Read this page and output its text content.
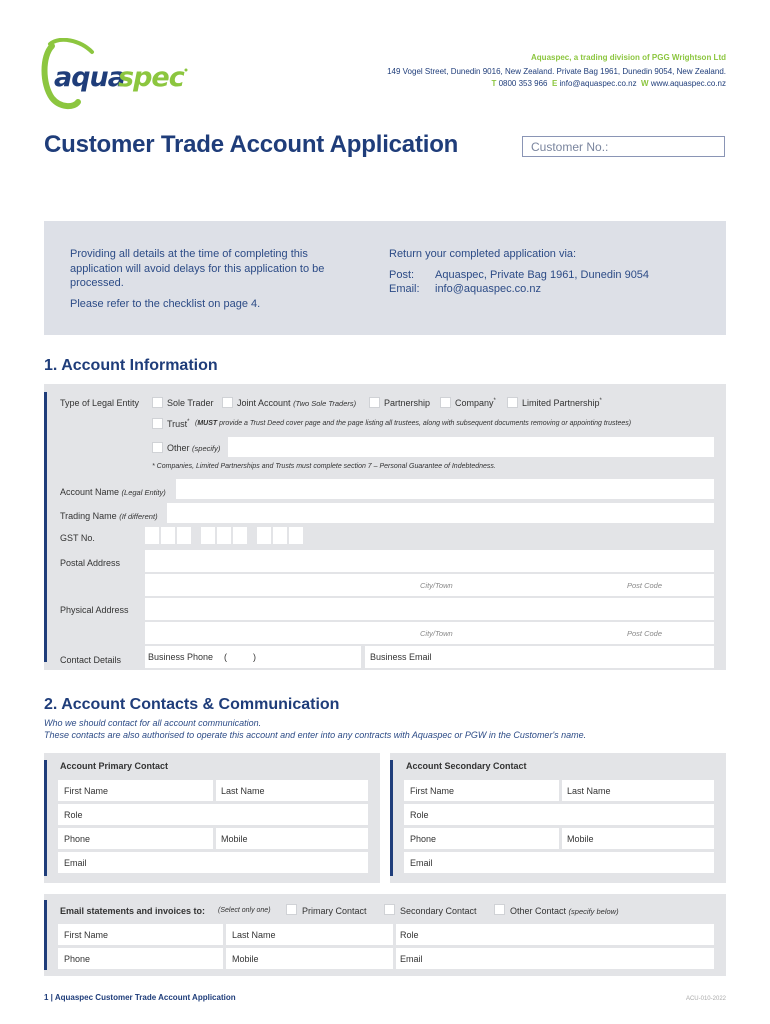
aqua
spec
Aquaspec, a trading division of PGG Wrightson Ltd
149 Vogel Street, Dunedin 9016, New Zealand. Private Bag 1961, Dunedin 9054, New Zealand.
T 0800 353 966 E info@aquaspec.co.nz W www.aquaspec.co.nz
Customer Trade Account Application	Customer No.:

Providing all details at the time of completing this application will avoid delays for this application to be processed.

Please refer to the checklist on page 4.

Return your completed application via:
Post:	Aquaspec, Private Bag 1961, Dunedin 9054
Email:	info@aquaspec.co.nz
1. Account Information
Type of Legal Entity	Sole Trader	Joint Account (Two Sole Traders)	Partnership	Company*	Limited Partnership*
Trust* (MUST provide a Trust Deed cover page and the page listing all trustees, along with subsequent documents removing or appointing trustees)
Other (specify)
* Companies, Limited Partnerships and Trusts must complete section 7 – Personal Guarantee of Indebtedness.
Account Name (Legal Entity)
Trading Name (If different)
GST No.
Postal Address
City/Town	Post Code
Physical Address
City/Town	Post Code
Contact Details	Business Phone (	)	Business Email
2. Account Contacts & Communication
Who we should contact for all account communication.
These contacts are also authorised to operate this account and enter into any contracts with Aquaspec or PGW in the Customer's name.
Account Primary Contact
First Name	Last Name
Role
Phone	Mobile
Email
Account Secondary Contact
First Name	Last Name
Role
Phone	Mobile
Email
Email statements and invoices to: (Select only one)	Primary Contact	Secondary Contact	Other Contact (specify below)
First Name	Last Name	Role
Phone	Mobile	Email
1 | Aquaspec Customer Trade Account Application	ACU-010-2022
